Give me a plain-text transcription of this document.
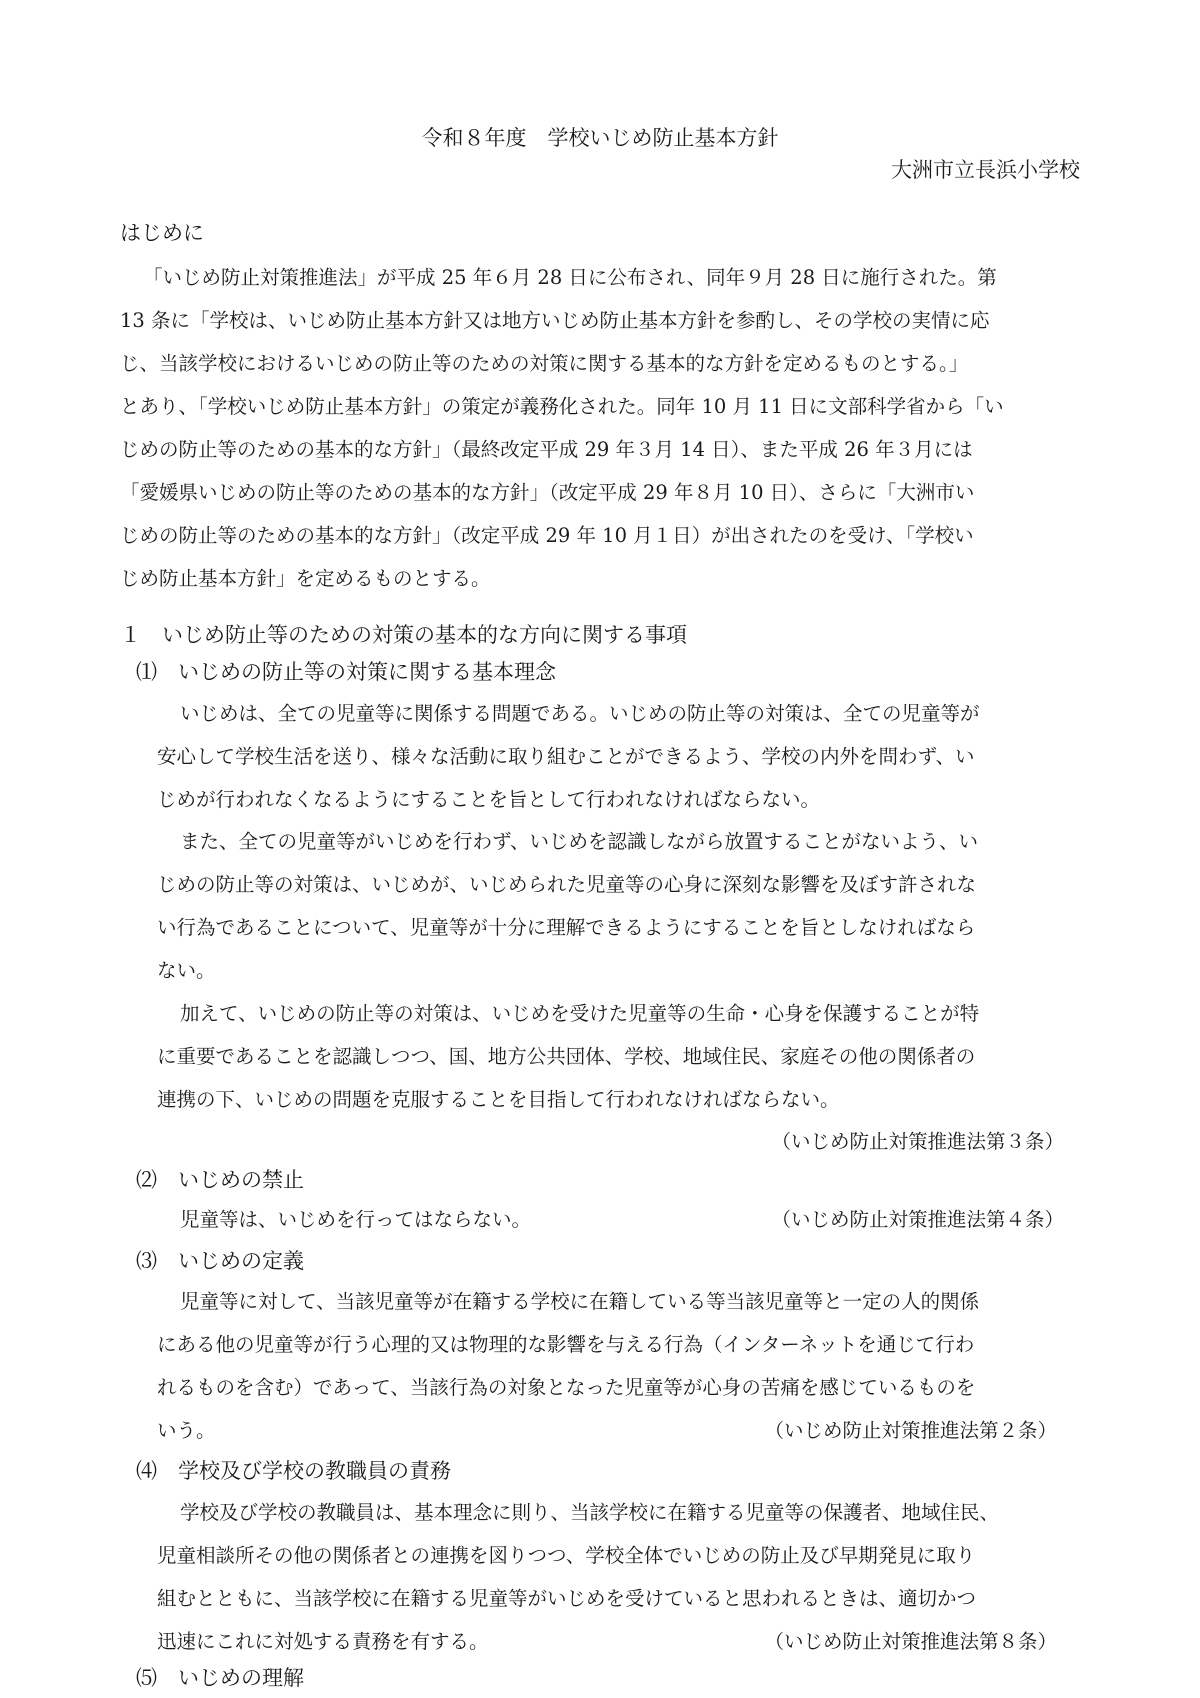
令和８年度　学校いじめ防止基本方針
大洲市立長浜小学校
はじめに
「いじめ防止対策推進法」が平成 25 年６月 28 日に公布され、同年９月 28 日に施行された。第
13 条に「学校は、いじめ防止基本方針又は地方いじめ防止基本方針を参酌し、その学校の実情に応
じ、当該学校におけるいじめの防止等のための対策に関する基本的な方針を定めるものとする。」
とあり、「学校いじめ防止基本方針」の策定が義務化された。同年 10 月 11 日に文部科学省から「い
じめの防止等のための基本的な方針」（最終改定平成 29 年３月 14 日）、また平成 26 年３月には
「愛媛県いじめの防止等のための基本的な方針」（改定平成 29 年８月 10 日）、さらに「大洲市い
じめの防止等のための基本的な方針」（改定平成 29 年 10 月１日）が出されたのを受け、「学校い
じめ防止基本方針」を定めるものとする。
１　いじめ防止等のための対策の基本的な方向に関する事項
⑴　いじめの防止等の対策に関する基本理念
いじめは、全ての児童等に関係する問題である。いじめの防止等の対策は、全ての児童等が
安心して学校生活を送り、様々な活動に取り組むことができるよう、学校の内外を問わず、い
じめが行われなくなるようにすることを旨として行われなければならない。
また、全ての児童等がいじめを行わず、いじめを認識しながら放置することがないよう、い
じめの防止等の対策は、いじめが、いじめられた児童等の心身に深刻な影響を及ぼす許されな
い行為であることについて、児童等が十分に理解できるようにすることを旨としなければなら
ない。
加えて、いじめの防止等の対策は、いじめを受けた児童等の生命・心身を保護することが特
に重要であることを認識しつつ、国、地方公共団体、学校、地域住民、家庭その他の関係者の
連携の下、いじめの問題を克服することを目指して行われなければならない。
（いじめ防止対策推進法第３条）
⑵　いじめの禁止
児童等は、いじめを行ってはならない。	（いじめ防止対策推進法第４条）
⑶　いじめの定義
児童等に対して、当該児童等が在籍する学校に在籍している等当該児童等と一定の人的関係
にある他の児童等が行う心理的又は物理的な影響を与える行為（インターネットを通じて行わ
れるものを含む）であって、当該行為の対象となった児童等が心身の苦痛を感じているものを
いう。	（いじめ防止対策推進法第２条）
⑷　学校及び学校の教職員の責務
学校及び学校の教職員は、基本理念に則り、当該学校に在籍する児童等の保護者、地域住民、
児童相談所その他の関係者との連携を図りつつ、学校全体でいじめの防止及び早期発見に取り
組むとともに、当該学校に在籍する児童等がいじめを受けていると思われるときは、適切かつ
迅速にこれに対処する責務を有する。	（いじめ防止対策推進法第８条）
⑸　いじめの理解
